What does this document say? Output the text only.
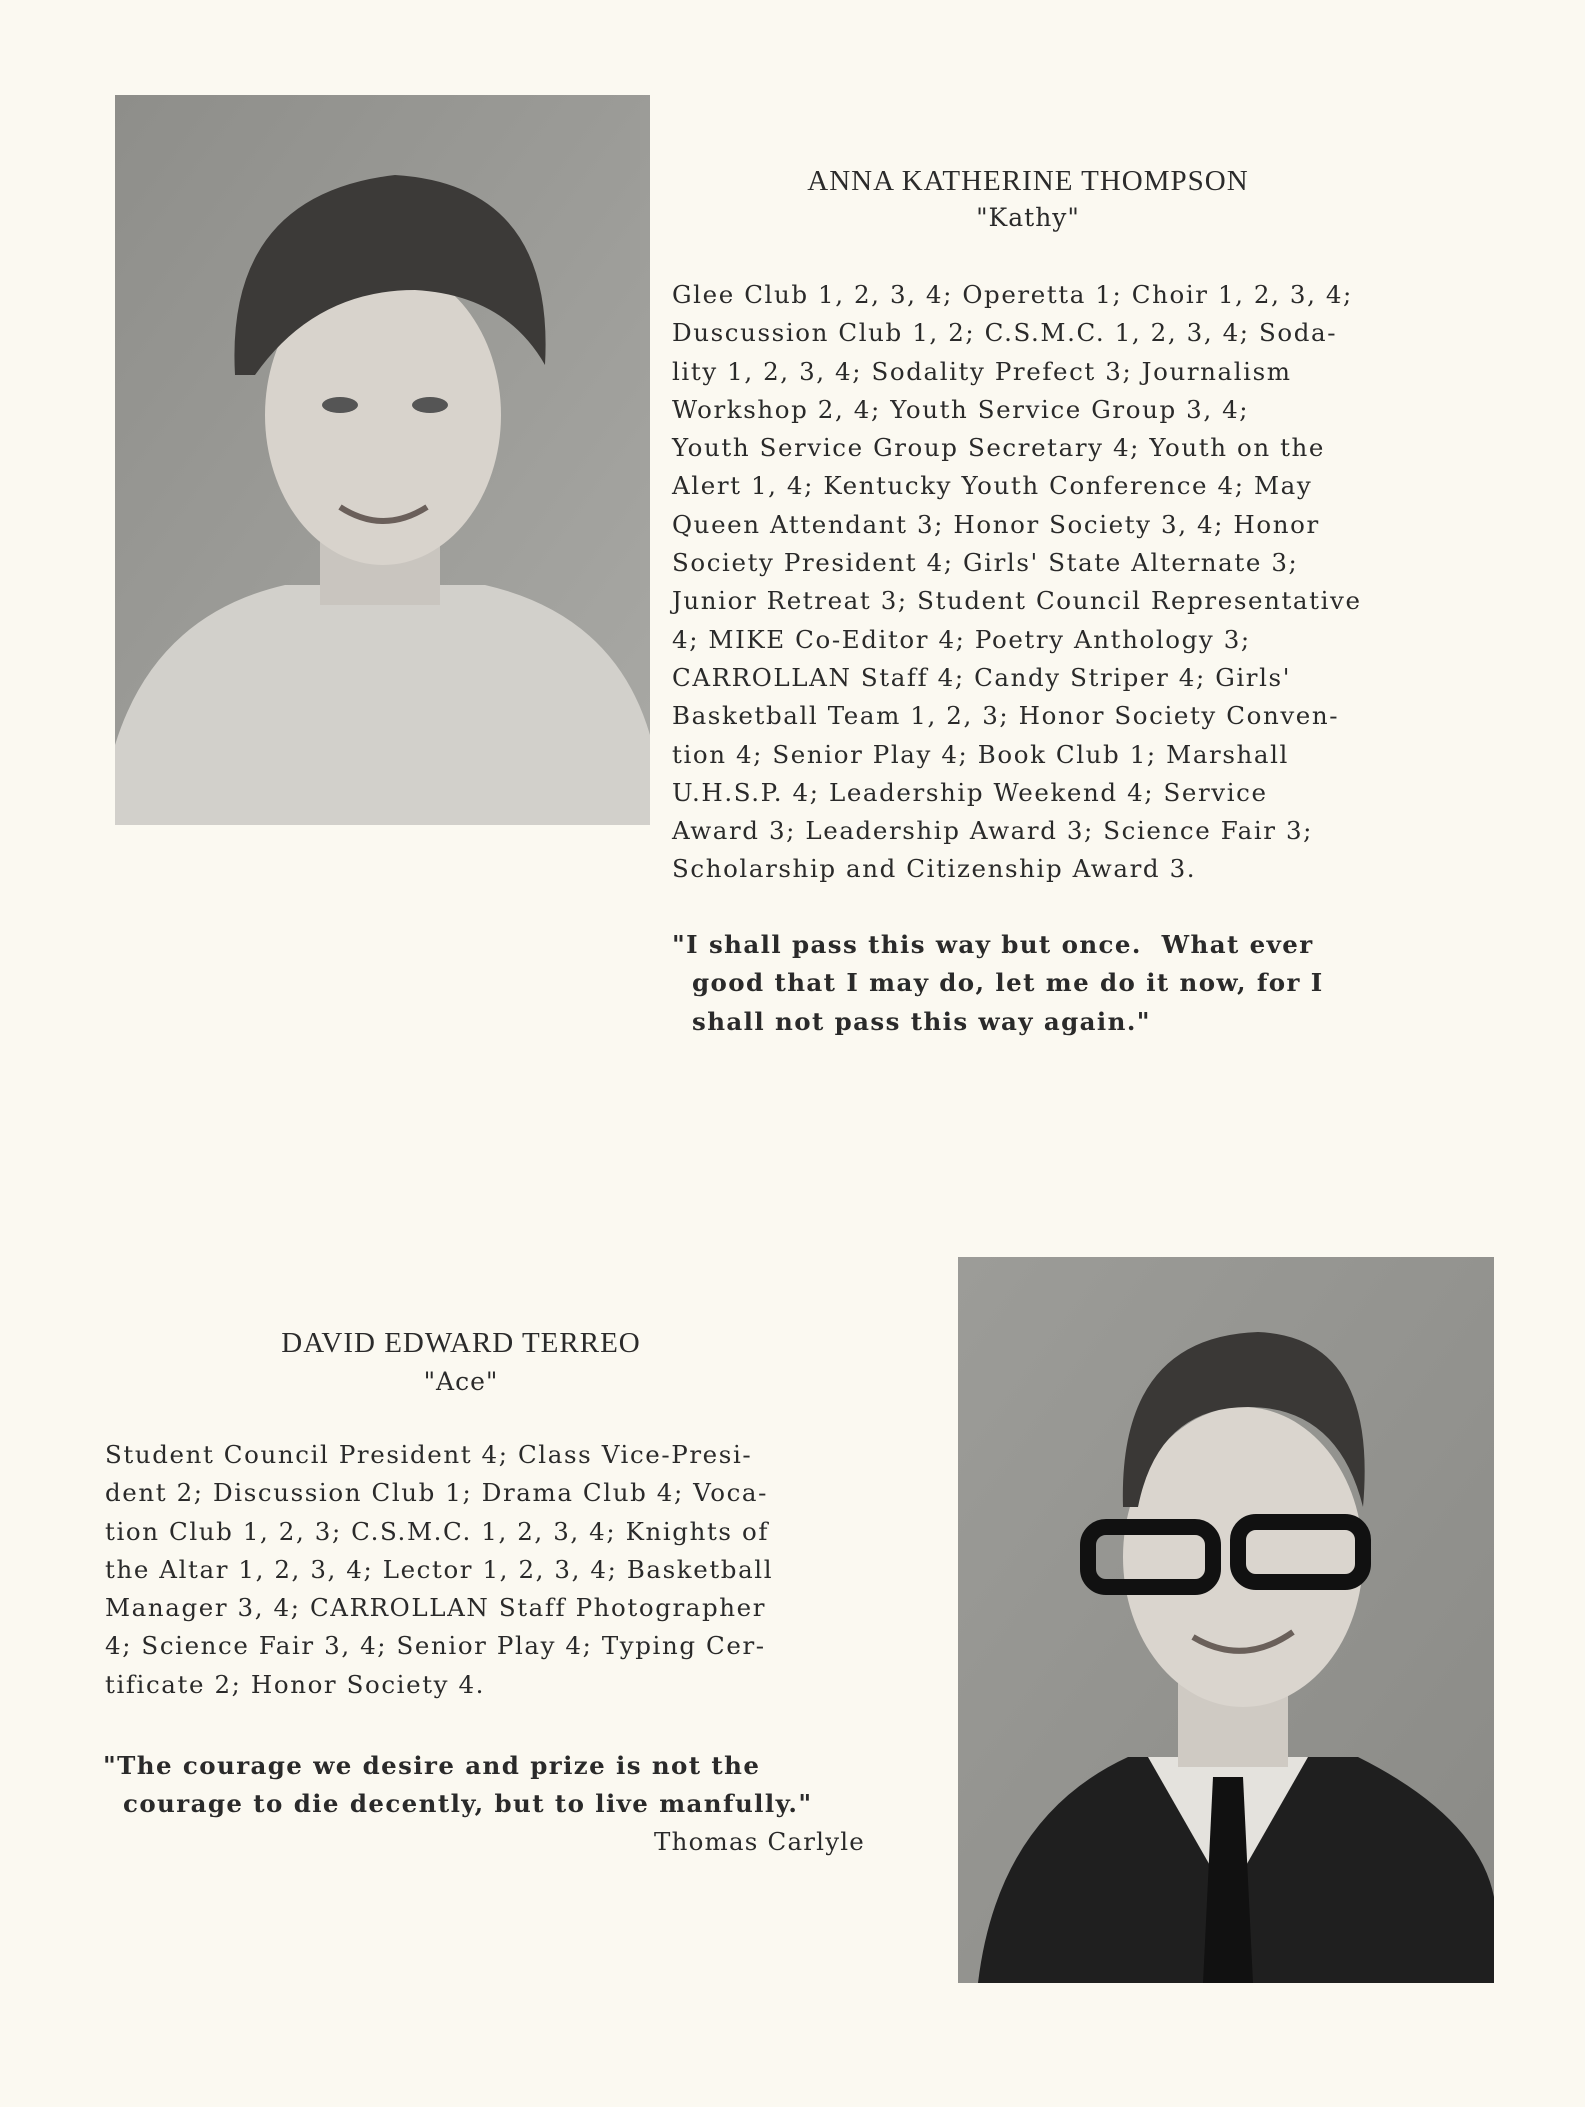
ANNA KATHERINE THOMPSON
"Kathy"
Glee Club 1, 2, 3, 4; Operetta 1; Choir 1, 2, 3, 4;
Duscussion Club 1, 2; C.S.M.C. 1, 2, 3, 4; Soda-
lity 1, 2, 3, 4; Sodality Prefect 3; Journalism
Workshop 2, 4; Youth Service Group 3, 4;
Youth Service Group Secretary 4; Youth on the
Alert 1, 4; Kentucky Youth Conference 4; May
Queen Attendant 3; Honor Society 3, 4; Honor
Society President 4; Girls' State Alternate 3;
Junior Retreat 3; Student Council Representative
4; MIKE Co-Editor 4; Poetry Anthology 3;
CARROLLAN Staff 4; Candy Striper 4; Girls'
Basketball Team 1, 2, 3; Honor Society Conven-
tion 4; Senior Play 4; Book Club 1; Marshall
U.H.S.P. 4; Leadership Weekend 4; Service
Award 3; Leadership Award 3; Science Fair 3;
Scholarship and Citizenship Award 3.
"I shall pass this way but once.  What ever
good that I may do, let me do it now, for I
shall not pass this way again."
DAVID EDWARD TERREO
"Ace"
Student Council President 4; Class Vice-Presi-
dent 2; Discussion Club 1; Drama Club 4; Voca-
tion Club 1, 2, 3; C.S.M.C. 1, 2, 3, 4; Knights of
the Altar 1, 2, 3, 4; Lector 1, 2, 3, 4; Basketball
Manager 3, 4; CARROLLAN Staff Photographer
4; Science Fair 3, 4; Senior Play 4; Typing Cer-
tificate 2; Honor Society 4.
"The courage we desire and prize is not the
courage to die decently, but to live manfully."
Thomas Carlyle
